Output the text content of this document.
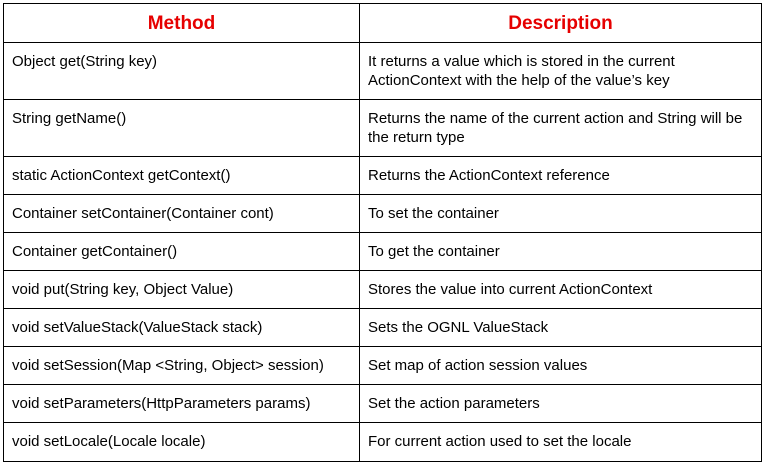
Method	Description
Object get(String key)	It returns a value which is stored in the current ActionContext with the help of the value’s key
String getName()	Returns the name of the current action and String will be the return type
static ActionContext getContext()	Returns the ActionContext reference
Container setContainer(Container cont)	To set the container
Container getContainer()	To get the container
void put(String key, Object Value)	Stores the value into current ActionContext
void setValueStack(ValueStack stack)	Sets the OGNL ValueStack
void setSession(Map <String, Object> session)	Set map of action session values
void setParameters(HttpParameters params)	Set the action parameters
void setLocale(Locale locale)	For current action used to set the locale
